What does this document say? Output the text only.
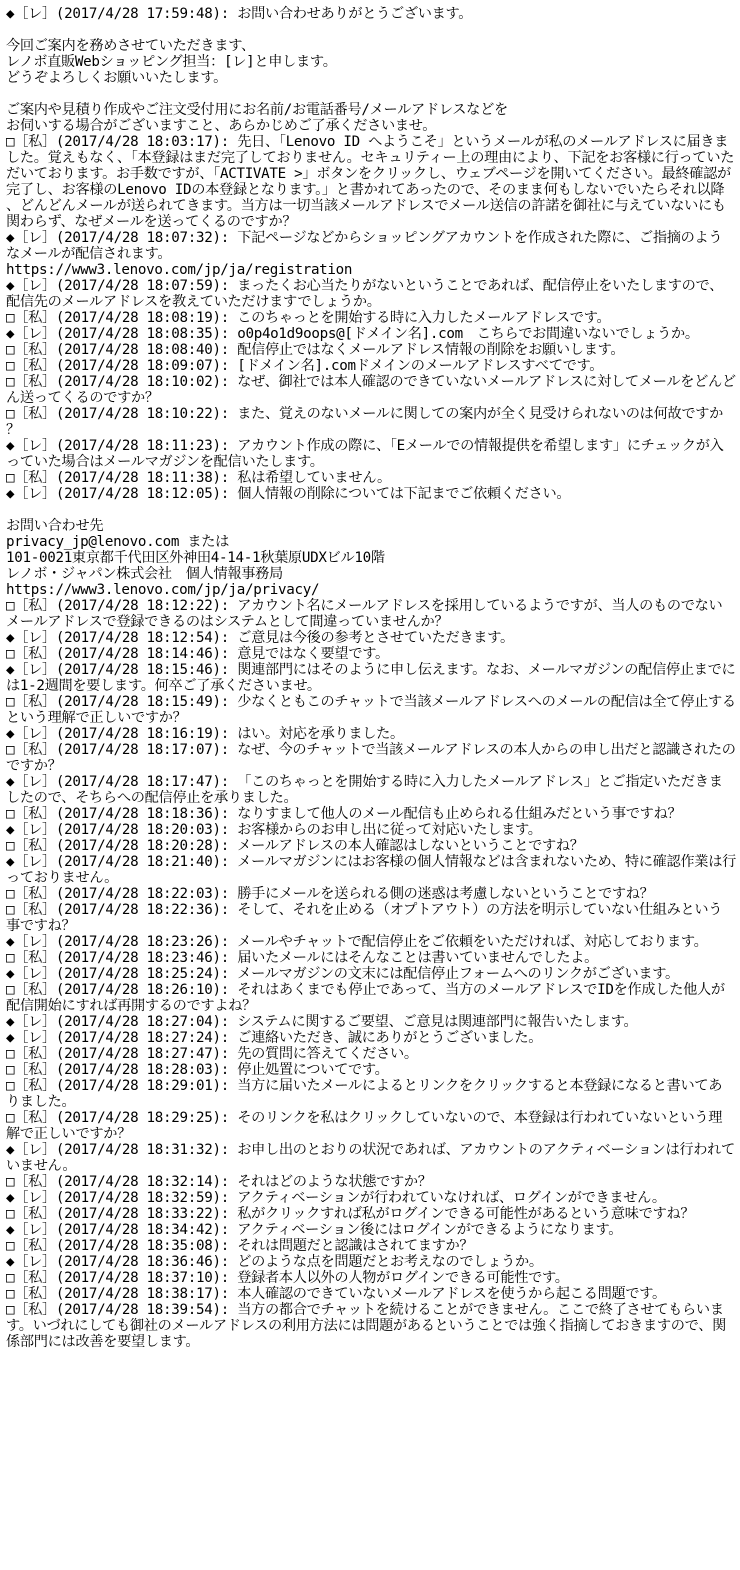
◆［レ］(2017/4/28 17:59:48): お問い合わせありがとうございます。
今回ご案内を務めさせていただきます、
レノボ直販Webショッピング担当：[レ]と申します。
どうぞよろしくお願いいたします。
ご案内や見積り作成やご注文受付用にお名前/お電話番号/メールアドレスなどを
お伺いする場合がございますこと、あらかじめご了承くださいませ。
□［私］(2017/4/28 18:03:17): 先日、「Lenovo ID へようこそ」というメールが私のメールアドレスに届きました。覚えもなく、「本登録はまだ完了しておりません。セキュリティー上の理由により、下記をお客様に行っていただいております。お手数ですが、「ACTIVATE >」ボタンをクリックし、ウェブページを開いてください。最終確認が完了し、お客様のLenovo IDの本登録となります。」と書かれてあったので、そのまま何もしないでいたらそれ以降、どんどんメールが送られてきます。当方は一切当該メールアドレスでメール送信の許諾を御社に与えていないにも関わらず、なぜメールを送ってくるのですか？
◆［レ］(2017/4/28 18:07:32): 下記ページなどからショッピングアカウントを作成された際に、ご指摘のようなメールが配信されます。
https://www3.lenovo.com/jp/ja/registration
◆［レ］(2017/4/28 18:07:59): まったくお心当たりがないということであれば、配信停止をいたしますので、配信先のメールアドレスを教えていただけますでしょうか。
□［私］(2017/4/28 18:08:19): このちゃっとを開始する時に入力したメールアドレスです。
◆［レ］(2017/4/28 18:08:35): o0p4o1d9oops@[ドメイン名].com　こちらでお間違いないでしょうか。
□［私］(2017/4/28 18:08:40): 配信停止ではなくメールアドレス情報の削除をお願いします。
□［私］(2017/4/28 18:09:07): [ドメイン名].comドメインのメールアドレスすべてです。
□［私］(2017/4/28 18:10:02): なぜ、御社では本人確認のできていないメールアドレスに対してメールをどんどん送ってくるのですか？
□［私］(2017/4/28 18:10:22): また、覚えのないメールに関しての案内が全く見受けられないのは何故ですか？
◆［レ］(2017/4/28 18:11:23): アカウント作成の際に、「Eメールでの情報提供を希望します」にチェックが入っていた場合はメールマガジンを配信いたします。
□［私］(2017/4/28 18:11:38): 私は希望していません。
◆［レ］(2017/4/28 18:12:05): 個人情報の削除については下記までご依頼ください。
お問い合わせ先
privacy_jp@lenovo.com または
101-0021東京都千代田区外神田4-14-1秋葉原UDXビル10階
レノボ・ジャパン株式会社　個人情報事務局
https://www3.lenovo.com/jp/ja/privacy/
□［私］(2017/4/28 18:12:22): アカウント名にメールアドレスを採用しているようですが、当人のものでないメールアドレスで登録できるのはシステムとして間違っていませんか？
◆［レ］(2017/4/28 18:12:54): ご意見は今後の参考とさせていただきます。
□［私］(2017/4/28 18:14:46): 意見ではなく要望です。
◆［レ］(2017/4/28 18:15:46): 関連部門にはそのように申し伝えます。なお、メールマガジンの配信停止までには1-2週間を要します。何卒ご了承くださいませ。
□［私］(2017/4/28 18:15:49): 少なくともこのチャットで当該メールアドレスへのメールの配信は全て停止するという理解で正しいですか？
◆［レ］(2017/4/28 18:16:19): はい。対応を承りました。
□［私］(2017/4/28 18:17:07): なぜ、今のチャットで当該メールアドレスの本人からの申し出だと認識されたのですか？
◆［レ］(2017/4/28 18:17:47): 「このちゃっとを開始する時に入力したメールアドレス」とご指定いただきましたので、そちらへの配信停止を承りました。
□［私］(2017/4/28 18:18:36): なりすまして他人のメール配信も止められる仕組みだという事ですね？
◆［レ］(2017/4/28 18:20:03): お客様からのお申し出に従って対応いたします。
□［私］(2017/4/28 18:20:28): メールアドレスの本人確認はしないということですね？
◆［レ］(2017/4/28 18:21:40): メールマガジンにはお客様の個人情報などは含まれないため、特に確認作業は行っておりません。
□［私］(2017/4/28 18:22:03): 勝手にメールを送られる側の迷惑は考慮しないということですね？
□［私］(2017/4/28 18:22:36): そして、それを止める（オプトアウト）の方法を明示していない仕組みという事ですね？
◆［レ］(2017/4/28 18:23:26): メールやチャットで配信停止をご依頼をいただければ、対応しております。
□［私］(2017/4/28 18:23:46): 届いたメールにはそんなことは書いていませんでしたよ。
◆［レ］(2017/4/28 18:25:24): メールマガジンの文末には配信停止フォームへのリンクがございます。
□［私］(2017/4/28 18:26:10): それはあくまでも停止であって、当方のメールアドレスでIDを作成した他人が配信開始にすれば再開するのですよね？
◆［レ］(2017/4/28 18:27:04): システムに関するご要望、ご意見は関連部門に報告いたします。
◆［レ］(2017/4/28 18:27:24): ご連絡いただき、誠にありがとうございました。
□［私］(2017/4/28 18:27:47): 先の質問に答えてください。
□［私］(2017/4/28 18:28:03): 停止処置についてです。
□［私］(2017/4/28 18:29:01): 当方に届いたメールによるとリンクをクリックすると本登録になると書いてありました。
□［私］(2017/4/28 18:29:25): そのリンクを私はクリックしていないので、本登録は行われていないという理解で正しいですか？
◆［レ］(2017/4/28 18:31:32): お申し出のとおりの状況であれば、アカウントのアクティベーションは行われていません。
□［私］(2017/4/28 18:32:14): それはどのような状態ですか？
◆［レ］(2017/4/28 18:32:59): アクティベーションが行われていなければ、ログインができません。
□［私］(2017/4/28 18:33:22): 私がクリックすれば私がログインできる可能性があるという意味ですね？
◆［レ］(2017/4/28 18:34:42): アクティベーション後にはログインができるようになります。
□［私］(2017/4/28 18:35:08): それは問題だと認識はされてますか？
◆［レ］(2017/4/28 18:36:46): どのような点を問題だとお考えなのでしょうか。
□［私］(2017/4/28 18:37:10): 登録者本人以外の人物がログインできる可能性です。
□［私］(2017/4/28 18:38:17): 本人確認のできていないメールアドレスを使うから起こる問題です。
□［私］(2017/4/28 18:39:54): 当方の都合でチャットを続けることができません。ここで終了させてもらいます。いづれにしても御社のメールアドレスの利用方法には問題があるということでは強く指摘しておきますので、関係部門には改善を要望します。
